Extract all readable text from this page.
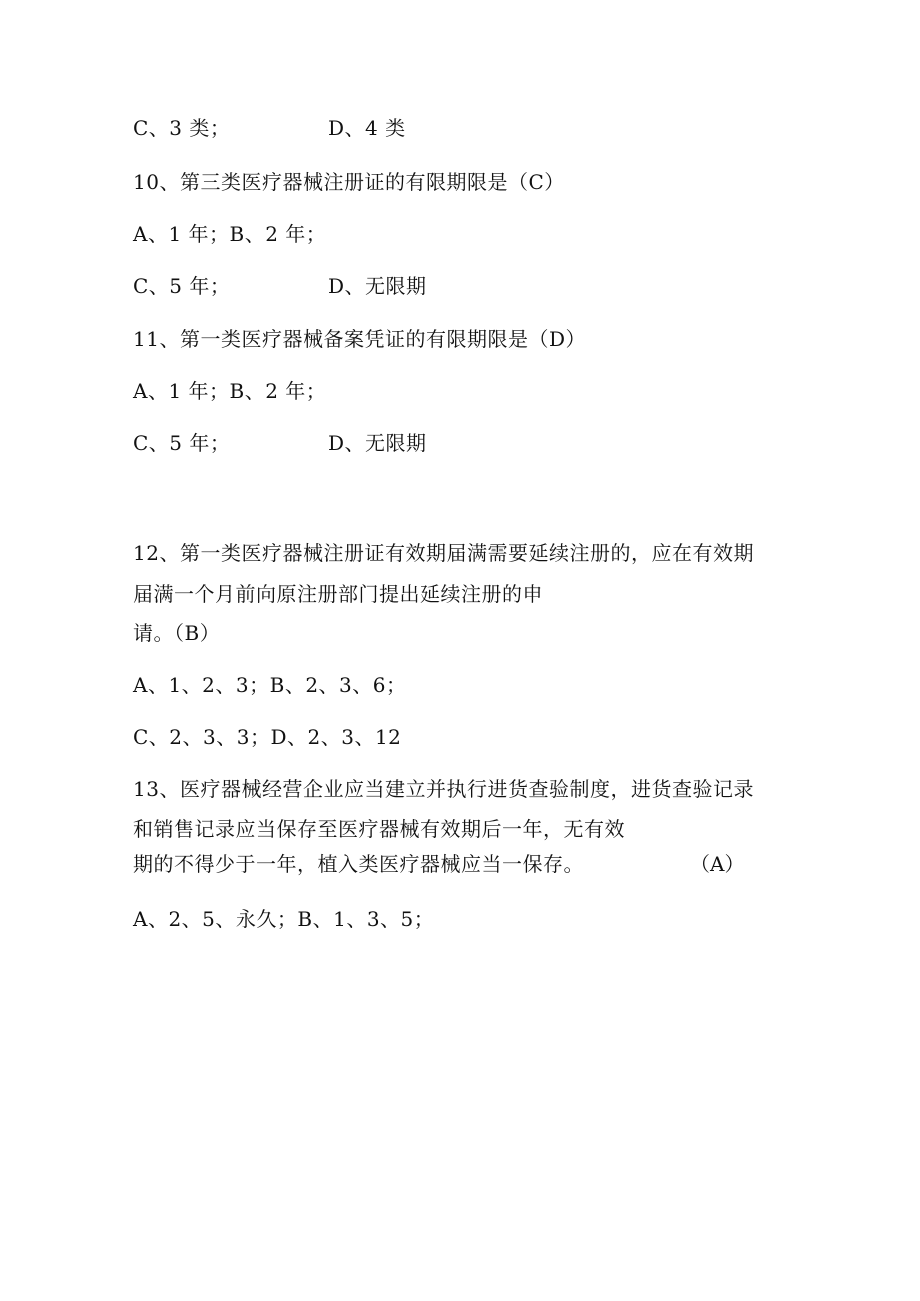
C、3 类；	D、4 类
10、第三类医疗器械注册证的有限期限是（C）
A、1 年；B、2 年；
C、5 年；	D、无限期
11、第一类医疗器械备案凭证的有限期限是（D）
A、1 年；B、2 年；
C、5 年；	D、无限期
12、第一类医疗器械注册证有效期届满需要延续注册的，应在有效期
届满一个月前向原注册部门提出延续注册的申
请。（B）
A、1、2、3；B、2、3、6；
C、2、3、3；D、2、3、12
13、医疗器械经营企业应当建立并执行进货查验制度，进货查验记录
和销售记录应当保存至医疗器械有效期后一年，无有效
期的不得少于一年，植入类医疗器械应当一保存。	（A）
A、2、5、永久；B、1、3、5；
